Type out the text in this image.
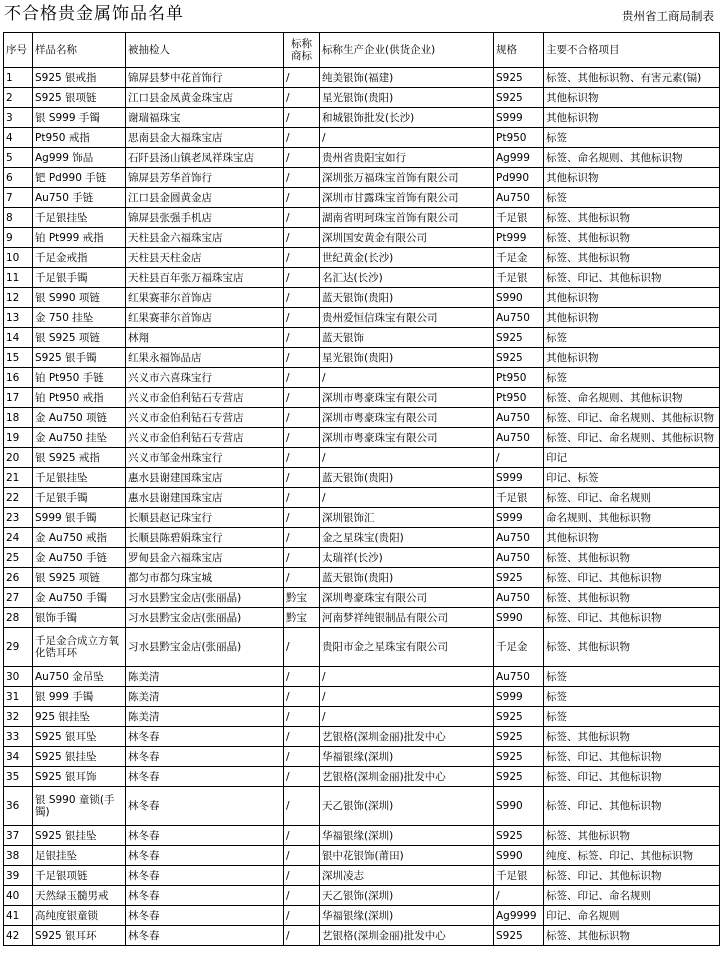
不合格贵金属饰品名单	贵州省工商局制表
序号	样品名称	被抽检人	标称商标	标称生产企业(供货企业)	规格	主要不合格项目
1	S925 银戒指	锦屏县梦中花首饰行	/	纯美银饰(福建)	S925	标签、其他标识物、有害元素(镉)
2	S925 银项链	江口县金凤黄金珠宝店	/	星光银饰(贵阳)	S925	其他标识物
3	银 S999 手镯	谢瑞福珠宝	/	和城银饰批发(长沙)	S999	其他标识物
4	Pt950 戒指	思南县金大福珠宝店	/	/	Pt950	标签
5	Ag999 饰品	石阡县汤山镇老凤祥珠宝店	/	贵州省贵阳宝如行	Ag999	标签、命名规则、其他标识物
6	钯 Pd990 手链	锦屏县芳华首饰行	/	深圳张万福珠宝首饰有限公司	Pd990	其他标识物
7	Au750 手链	江口县金圆黄金店	/	深圳市甘露珠宝首饰有限公司	Au750	标签
8	千足银挂坠	锦屏县张强手机店	/	湖南省明珂珠宝首饰有限公司	千足银	标签、其他标识物
9	铂 Pt999 戒指	天柱县金六福珠宝店	/	深圳国安黄金有限公司	Pt999	标签、其他标识物
10	千足金戒指	天柱县天柱金店	/	世纪黄金(长沙)	千足金	标签、其他标识物
11	千足银手镯	天柱县百年张万福珠宝店	/	名汇达(长沙)	千足银	标签、印记、其他标识物
12	银 S990 项链	红果赛菲尔首饰店	/	蓝天银饰(贵阳)	S990	其他标识物
13	金 750 挂坠	红果赛菲尔首饰店	/	贵州爱恒信珠宝有限公司	Au750	其他标识物
14	银 S925 项链	林翔	/	蓝天银饰	S925	标签
15	S925 银手镯	红果永福饰品店	/	星光银饰(贵阳)	S925	其他标识物
16	铂 Pt950 手链	兴义市六喜珠宝行	/	/	Pt950	标签
17	铂 Pt950 戒指	兴义市金伯利钻石专营店	/	深圳市粤豪珠宝有限公司	Pt950	标签、命名规则、其他标识物
18	金 Au750 项链	兴义市金伯利钻石专营店	/	深圳市粤豪珠宝有限公司	Au750	标签、印记、命名规则、其他标识物
19	金 Au750 挂坠	兴义市金伯利钻石专营店	/	深圳市粤豪珠宝有限公司	Au750	标签、印记、命名规则、其他标识物
20	银 S925 戒指	兴义市邹金州珠宝行	/	/	/	印记
21	千足银挂坠	惠水县谢建国珠宝店	/	蓝天银饰(贵阳)	S999	印记、标签
22	千足银手镯	惠水县谢建国珠宝店	/	/	千足银	标签、印记、命名规则
23	S999 银手镯	长顺县赵记珠宝行	/	深圳银饰汇	S999	命名规则、其他标识物
24	金 Au750 戒指	长顺县陈碧娟珠宝行	/	金之星珠宝(贵阳)	Au750	其他标识物
25	金 Au750 手链	罗甸县金六福珠宝店	/	太瑞祥(长沙)	Au750	标签、其他标识物
26	银 S925 项链	都匀市都匀珠宝城	/	蓝天银饰(贵阳)	S925	标签、印记、其他标识物
27	金 Au750 手镯	习水县黔宝金店(张丽晶)	黔宝	深圳粤豪珠宝有限公司	Au750	标签、其他标识物
28	银饰手镯	习水县黔宝金店(张丽晶)	黔宝	河南梦祥纯银制品有限公司	S990	标签、印记、其他标识物
29	千足金合成立方氧化锆耳环	习水县黔宝金店(张丽晶)	/	贵阳市金之星珠宝有限公司	千足金	标签、其他标识物
30	Au750 金吊坠	陈美清	/	/	Au750	标签
31	银 999 手镯	陈美清	/	/	S999	标签
32	925 银挂坠	陈美清	/	/	S925	标签
33	S925 银耳坠	林冬春	/	艺银格(深圳金丽)批发中心	S925	标签、其他标识物
34	S925 银挂坠	林冬春	/	华福银缘(深圳)	S925	标签、印记、其他标识物
35	S925 银耳饰	林冬春	/	艺银格(深圳金丽)批发中心	S925	标签、印记、其他标识物
36	银 S990 童锁(手镯)	林冬春	/	天乙银饰(深圳)	S990	标签、印记、其他标识物
37	S925 银挂坠	林冬春	/	华福银缘(深圳)	S925	标签、其他标识物
38	足银挂坠	林冬春	/	银中花银饰(莆田)	S990	纯度、标签、印记、其他标识物
39	千足银项链	林冬春	/	深圳凌志	千足银	标签、印记、其他标识物
40	天然绿玉髓男戒	林冬春	/	天乙银饰(深圳)	/	标签、印记、命名规则
41	高纯度银童锁	林冬春	/	华福银缘(深圳)	Ag9999	印记、命名规则
42	S925 银耳环	林冬春	/	艺银格(深圳金丽)批发中心	S925	标签、其他标识物
